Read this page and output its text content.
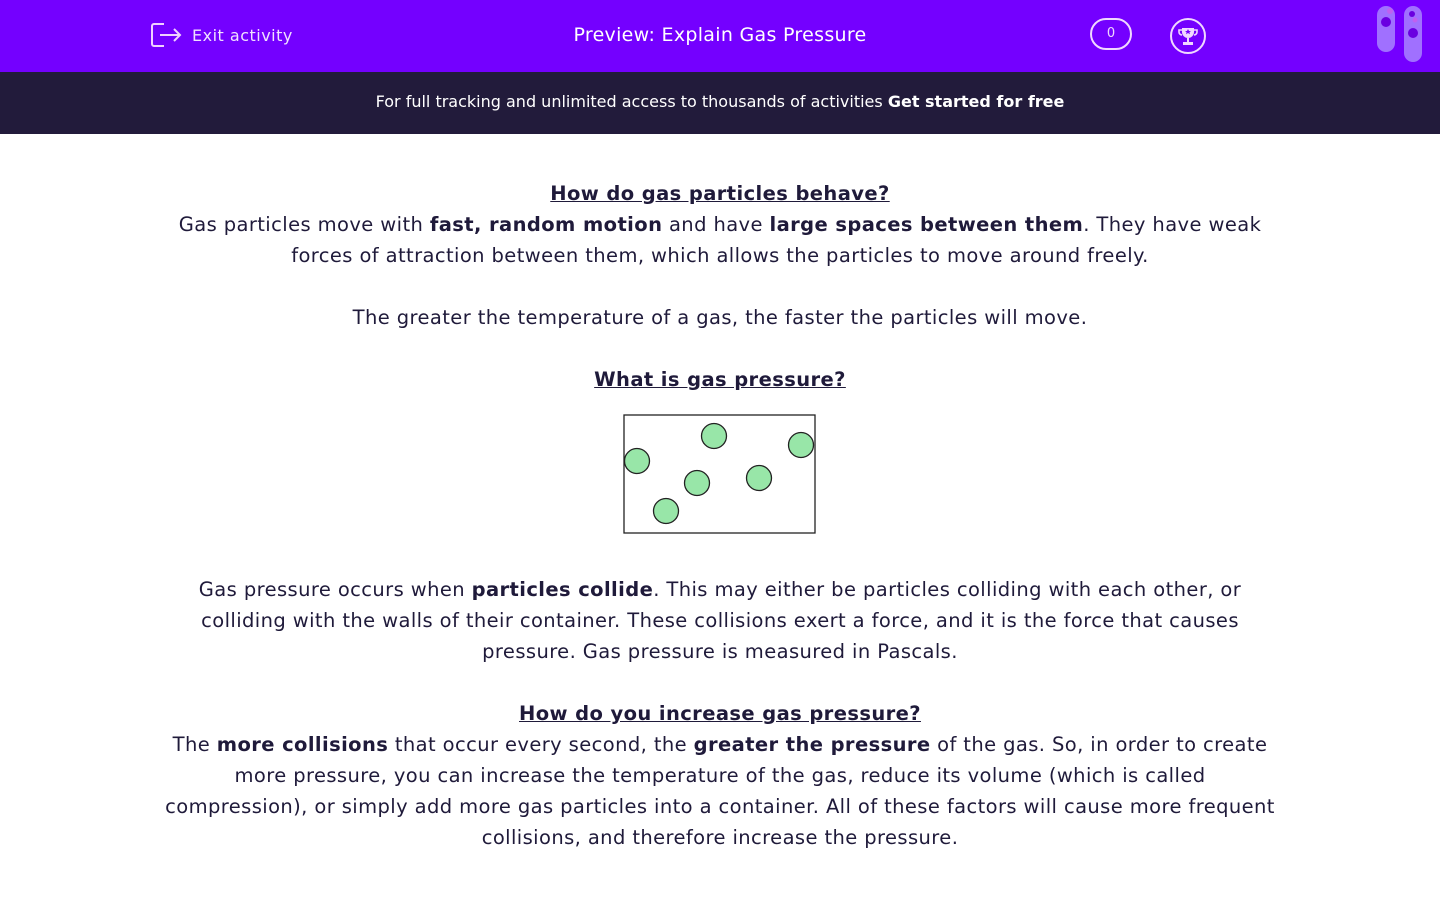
Exit activity	Preview: Explain Gas Pressure	0
For full tracking and unlimited access to thousands of activities Get started for free

How do gas particles behave?

Gas particles move with fast, random motion and have large spaces between them. They have weak forces of attraction between them, which allows the particles to move around freely.

The greater the temperature of a gas, the faster the particles will move.

What is gas pressure?

Gas pressure occurs when particles collide. This may either be particles colliding with each other, or colliding with the walls of their container. These collisions exert a force, and it is the force that causes pressure. Gas pressure is measured in Pascals.

How do you increase gas pressure?

The more collisions that occur every second, the greater the pressure of the gas. So, in order to create more pressure, you can increase the temperature of the gas, reduce its volume (which is called compression), or simply add more gas particles into a container. All of these factors will cause more frequent collisions, and therefore increase the pressure.
